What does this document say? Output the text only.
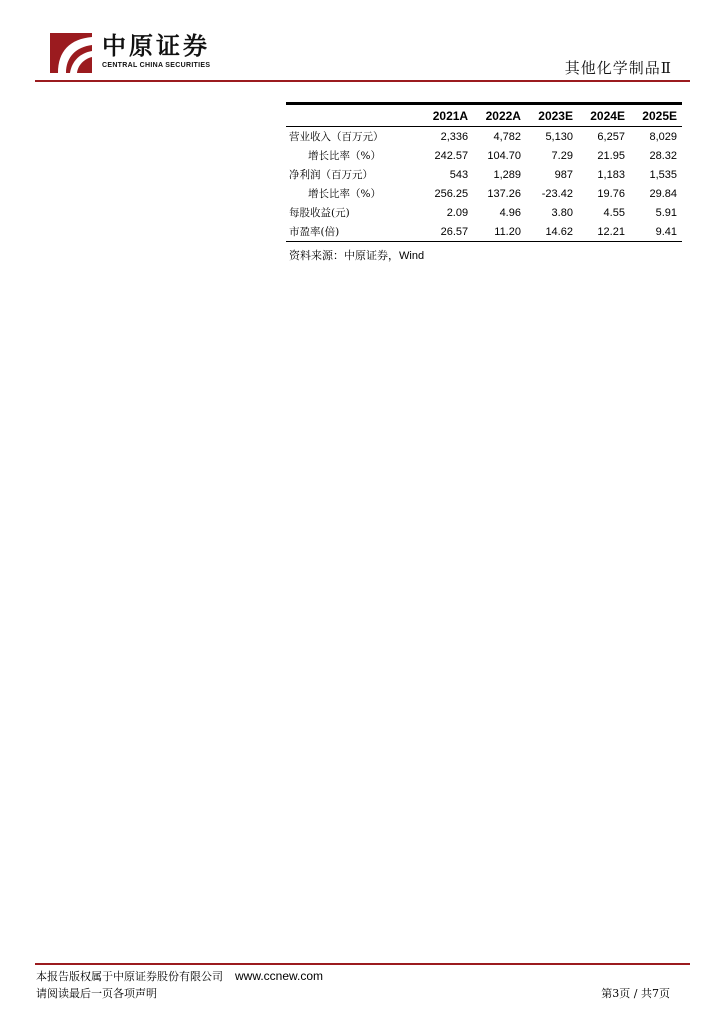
中原证券
CENTRAL CHINA SECURITIES	其他化学制品Ⅱ
	2021A	2022A	2023E	2024E	2025E
营业收入（百万元）	2,336	4,782	5,130	6,257	8,029
增长比率（%）	242.57	104.70	7.29	21.95	28.32
净利润（百万元）	543	1,289	987	1,183	1,535
增长比率（%）	256.25	137.26	-23.42	19.76	29.84
每股收益(元)	2.09	4.96	3.80	4.55	5.91
市盈率(倍)	26.57	11.20	14.62	12.21	9.41
资料来源：中原证券，Wind
本报告版权属于中原证券股份有限公司 www.ccnew.com
请阅读最后一页各项声明	第3页 / 共7页
